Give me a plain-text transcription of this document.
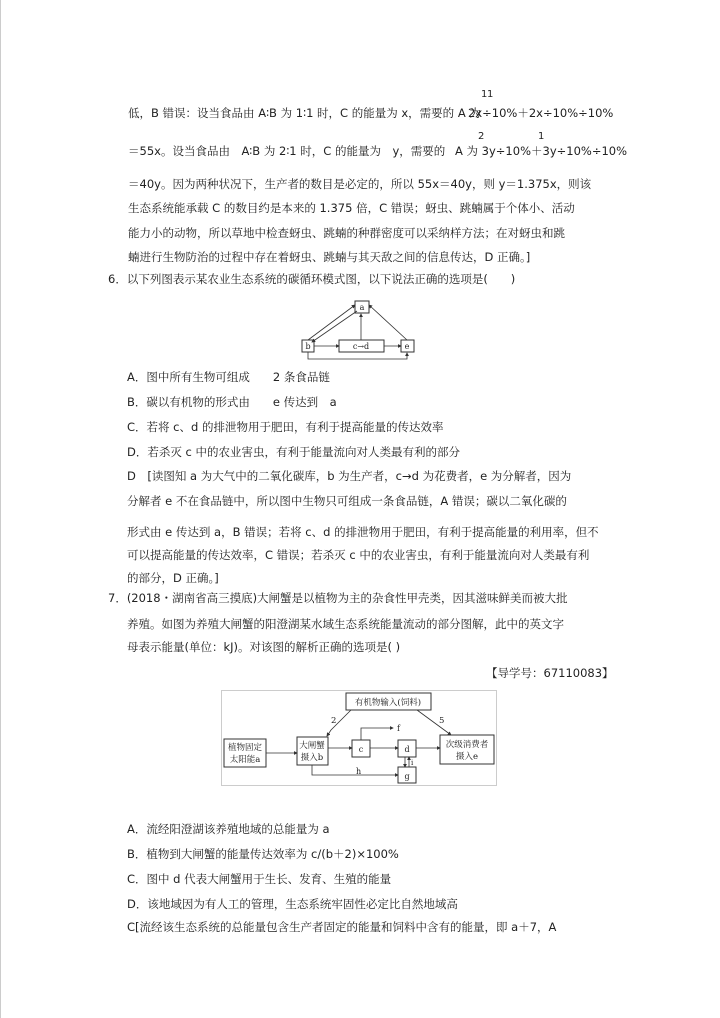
1
1
低，B 错误：设当食品由 A∶B 为 1∶1 时，C 的能量为 x，需要的 A 为
2x÷10%＋2x÷10%÷10%
2	1
＝55x。设当食品由　A∶B 为 2∶1 时，C 的能量为　y，需要的 A 为 3y÷10%＋3y÷10%÷10%
＝40y。因为两种状况下，生产者的数目是必定的，所以 55x＝40y，则 y＝1.375x，则该
生态系统能承载 C 的数目约是本来的 1.375 倍，C 错误；蚜虫、跳蝻属于个体小、活动
能力小的动物，所以草地中检查蚜虫、跳蝻的种群密度可以采纳样方法；在对蚜虫和跳
蝻进行生物防治的过程中存在着蚜虫、跳蝻与其天敌之间的信息传达，D 正确。]
6．以下列图表示某农业生态系统的碳循环模式图，以下说法正确的选项是(　　)
a
b	c→d	e
A．图中所有生物可组成　　2 条食品链
B．碳以有机物的形式由　　e 传达到　a
C．若将 c、d 的排泄物用于肥田，有利于提高能量的传达效率
D．若杀灭 c 中的农业害虫，有利于能量流向对人类最有利的部分
D　[读图知 a 为大气中的二氧化碳库，b 为生产者，c→d 为花费者，e 为分解者，因为
分解者 e 不在食品链中，所以图中生物只可组成一条食品链，A 错误；碳以二氧化碳的
形式由 e 传达到 a，B 错误；若将 c、d 的排泄物用于肥田，有利于提高能量的利用率，但不
可以提高能量的传达效率，C 错误；若杀灭 c 中的农业害虫，有利于能量流向对人类最有利
的部分，D 正确。]
7．(2018・湖南省高三摸底)大闸蟹是以植物为主的杂食性甲壳类，因其滋味鲜美而被大批
养殖。如图为养殖大闸蟹的阳澄湖某水域生态系统能量流动的部分图解，此中的英文字
母表示能量(单位：kJ)。对该图的解析正确的选项是( )
【导学号：67110083】
有机物输入(饲料)
植物固定
太阳能a
大闸蟹
摄入b
c	d
g
次级消费者
摄入e
f
h
i
2	5
A．流经阳澄湖该养殖地域的总能量为 a
B．植物到大闸蟹的能量传达效率为 c/(b＋2)×100%
C．图中 d 代表大闸蟹用于生长、发育、生殖的能量
D．该地域因为有人工的管理，生态系统牢固性必定比自然地域高
C[流经该生态系统的总能量包含生产者固定的能量和饲料中含有的能量，即 a＋7，A
